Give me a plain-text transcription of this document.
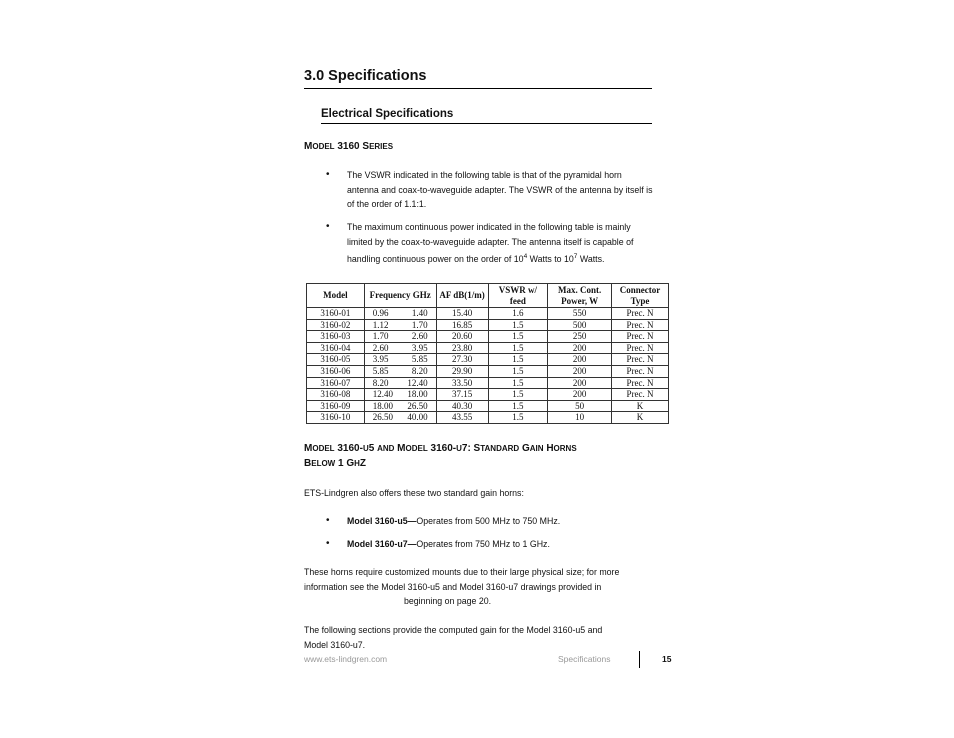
3.0 Specifications
Electrical Specifications
MODEL 3160 SERIES
• The VSWR indicated in the following table is that of the pyramidal horn antenna and coax-to-waveguide adapter. The VSWR of the antenna by itself is of the order of 1.1:1.
• The maximum continuous power indicated in the following table is mainly limited by the coax-to-waveguide adapter. The antenna itself is capable of handling continuous power on the order of $10^4$ Watts to $10^7$ Watts.
Model	Frequency GHz	AF dB(1/m)	VSWR w/ feed	Max. Cont. Power, W	Connector Type
3160-01	0.96 1.40	15.40	1.6	550	Prec. N
3160-02	1.12 1.70	16.85	1.5	500	Prec. N
3160-03	1.70 2.60	20.60	1.5	250	Prec. N
3160-04	2.60 3.95	23.80	1.5	200	Prec. N
3160-05	3.95 5.85	27.30	1.5	200	Prec. N
3160-06	5.85 8.20	29.90	1.5	200	Prec. N
3160-07	8.20 12.40	33.50	1.5	200	Prec. N
3160-08	12.40 18.00	37.15	1.5	200	Prec. N
3160-09	18.00 26.50	40.30	1.5	50	K
3160-10	26.50 40.00	43.55	1.5	10	K
MODEL 3160-U5 AND MODEL 3160-U7: STANDARD GAIN HORNS
BELOW 1 GHZ
ETS-Lindgren also offers these two standard gain horns:
• Model 3160-u5—Operates from 500 MHz to 750 MHz.
• Model 3160-u7—Operates from 750 MHz to 1 GHz.
These horns require customized mounts due to their large physical size; for more
information see the Model 3160-u5 and Model 3160-u7 drawings provided in
beginning on page 20.
The following sections provide the computed gain for the Model 3160-u5 and
Model 3160-u7.
www.ets-lindgren.com	Specifications	15
